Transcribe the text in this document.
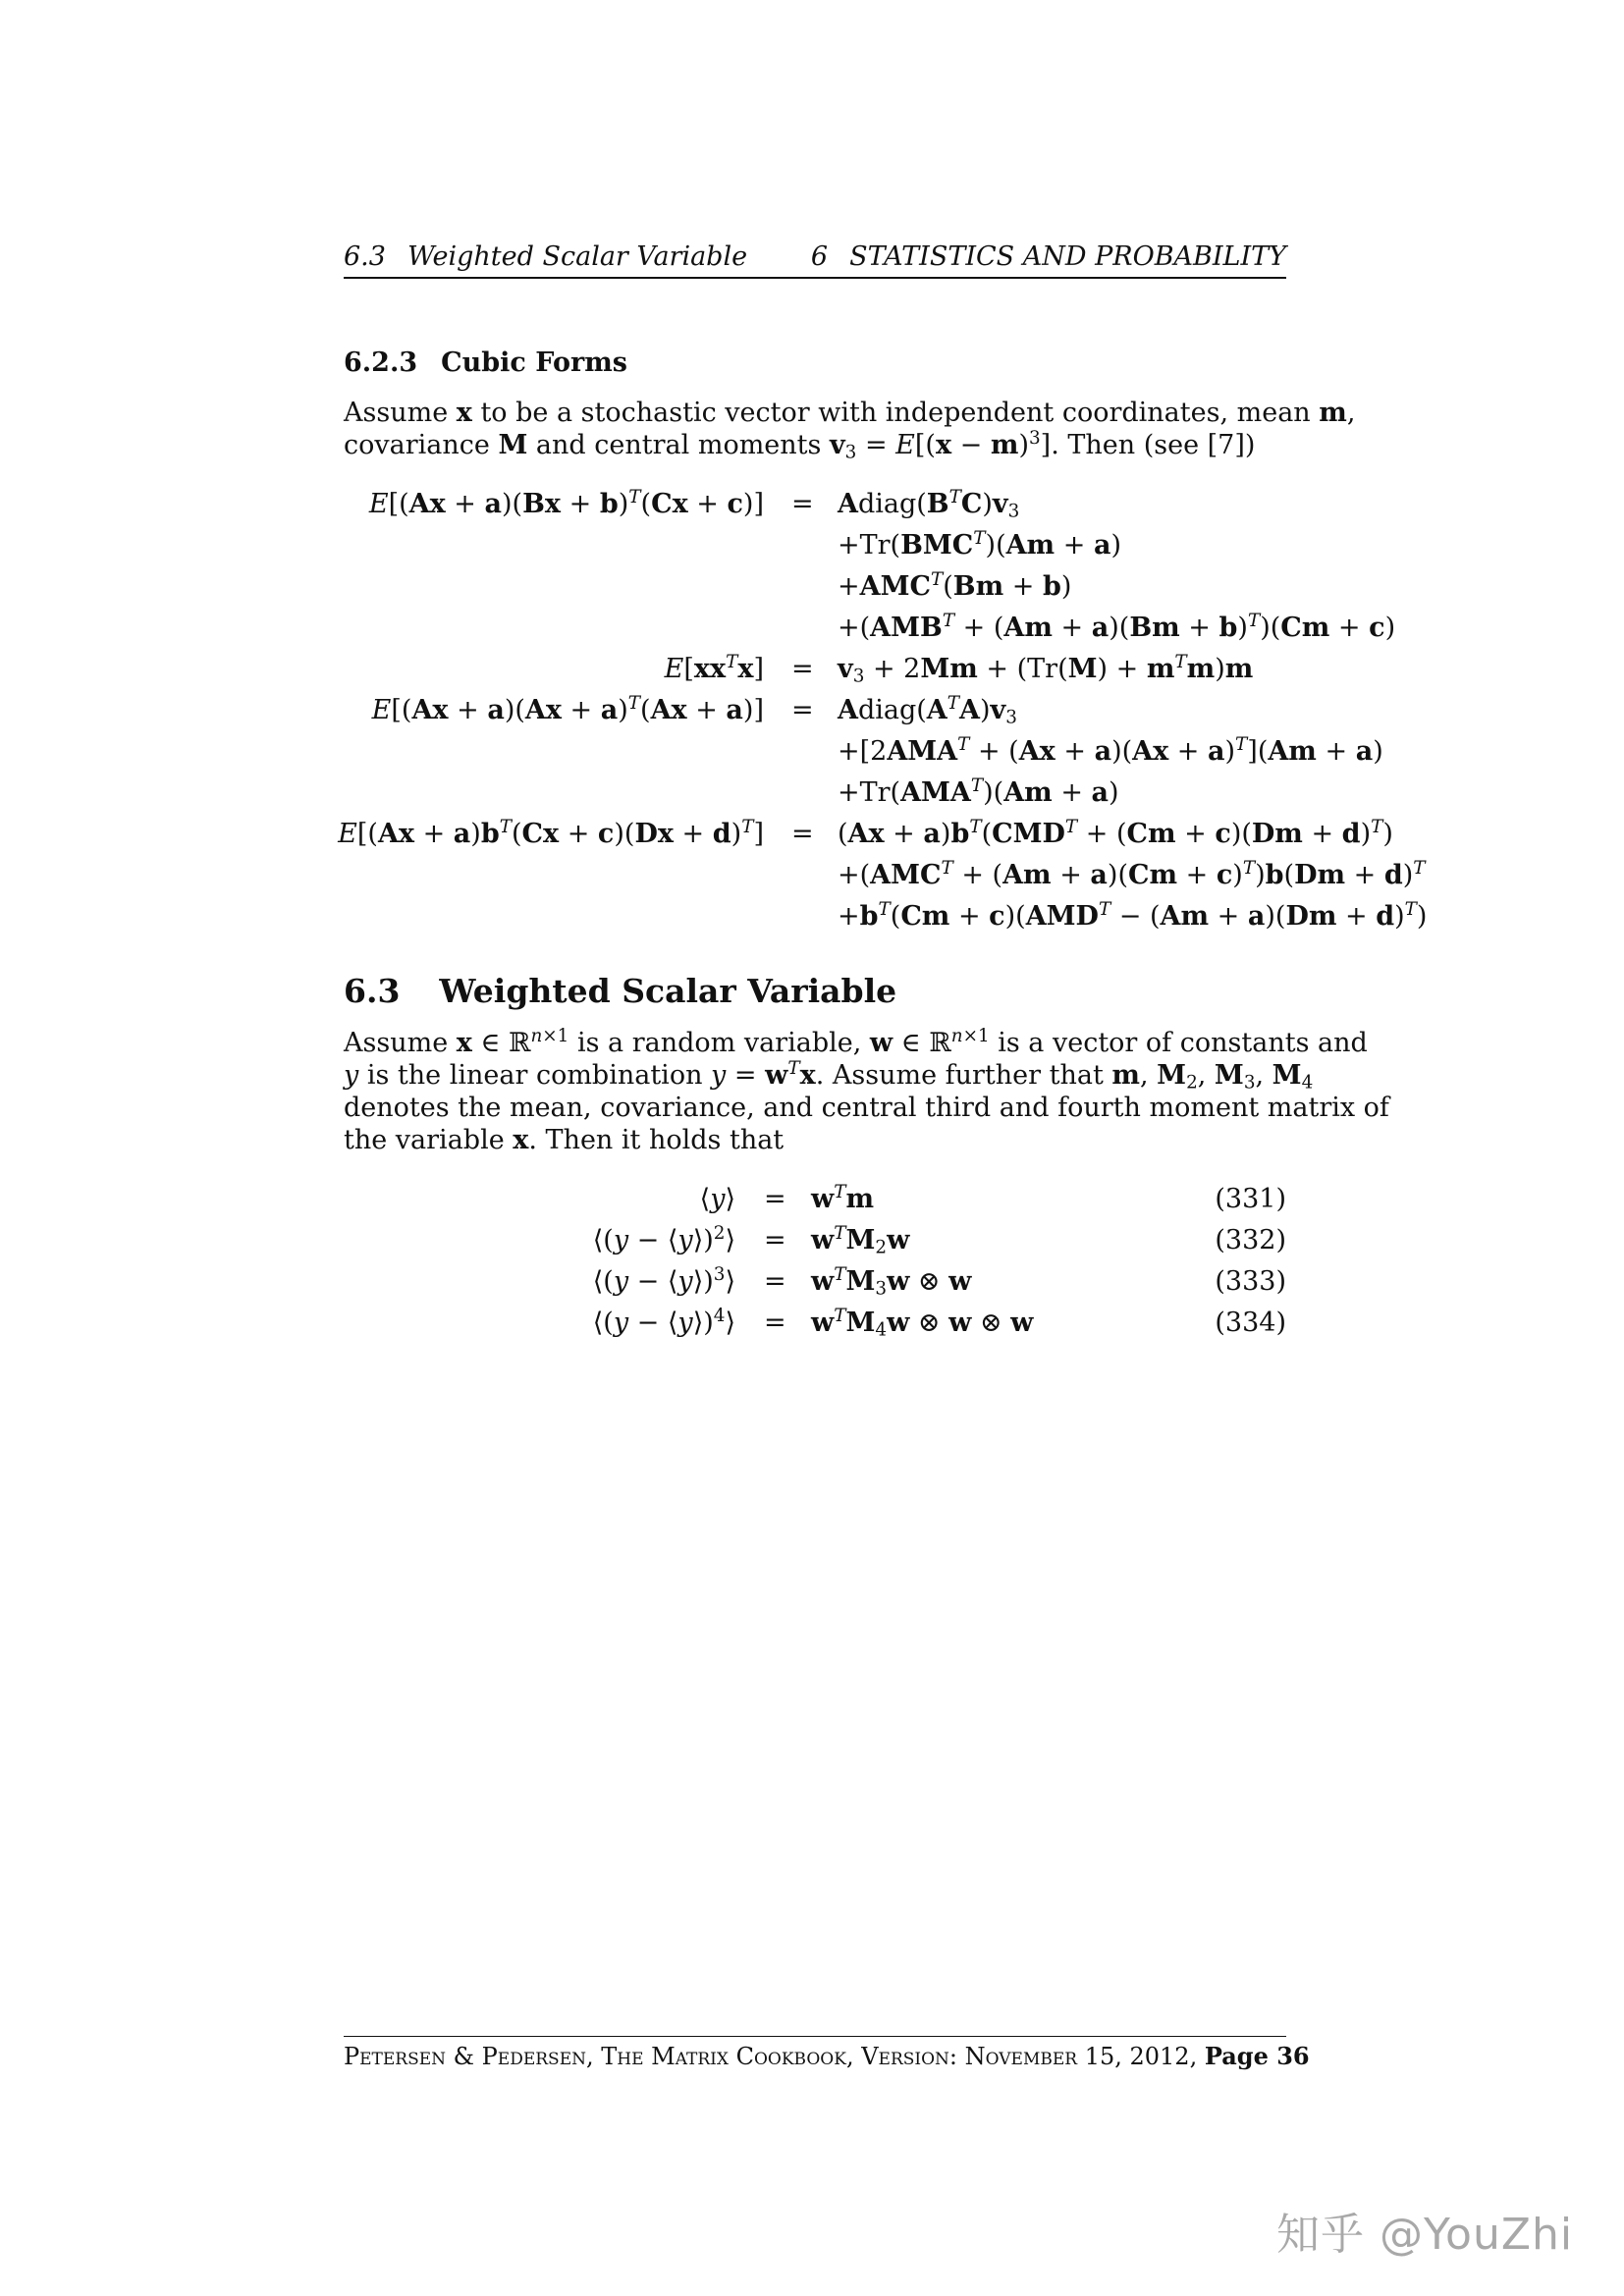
6.3 Weighted Scalar Variable 6 STATISTICS AND PROBABILITY
6.2.3 Cubic Forms
Assume x to be a stochastic vector with independent coordinates, mean m,
covariance M and central moments $v_3 = E[(x - m)^3]$. Then (see [7])
$E[(Ax + a)(Bx + b)^T(Cx + c)]$ = $Adiag(B^TC)v_3$
$+Tr(BMC^T)(Am + a)$
$+AMC^T(Bm + b)$
$+(AMB^T + (Am + a)(Bm + b)^T)(Cm + c)$
$E[xx^Tx] = v_3 + 2Mm + (Tr(M) + m^Tm)m$
$E[(Ax + a)(Ax + a)^T(Ax + a)]$ = $Adiag(A^TA)v_3$
$+[2AMA^T + (Ax + a)(Ax + a)^T](Am + a)$
$+Tr(AMA^T)(Am + a)$
$E[(Ax + a)b^T(Cx + c)(Dx + d)^T] = (Ax + a)b^T(CMD^T + (Cm + c)(Dm + d)^T)$
$+(AMC^T + (Am + a)(Cm + c)^T)b(Dm + d)^T$
$+b^T(Cm + c)(AMD^T - (Am + a)(Dm + d)^T)$
6.3 Weighted Scalar Variable
Assume x ∈ ℝ$^{n\times 1}$ is a random variable, w ∈ ℝ$^{n\times 1}$ is a vector of constants and
y is the linear combination $y = w^Tx$. Assume further that m, $M_2$, $M_3$, $M_4$
denotes the mean, covariance, and central third and fourth moment matrix of
the variable x. Then it holds that
⟨y⟩ = $w^Tm$	(331)
⟨(y − ⟨y⟩)$^2$⟩ = $w^TM_2w$	(332)
⟨(y − ⟨y⟩)$^3$⟩ = $w^TM_3w$ ⊗ w	(333)
⟨(y − ⟨y⟩)$^4$⟩ = $w^TM_4w$ ⊗ w ⊗ w	(334)
Petersen & Pedersen, The Matrix Cookbook, Version: November 15, 2012, Page 36
知乎 @YouZhi
